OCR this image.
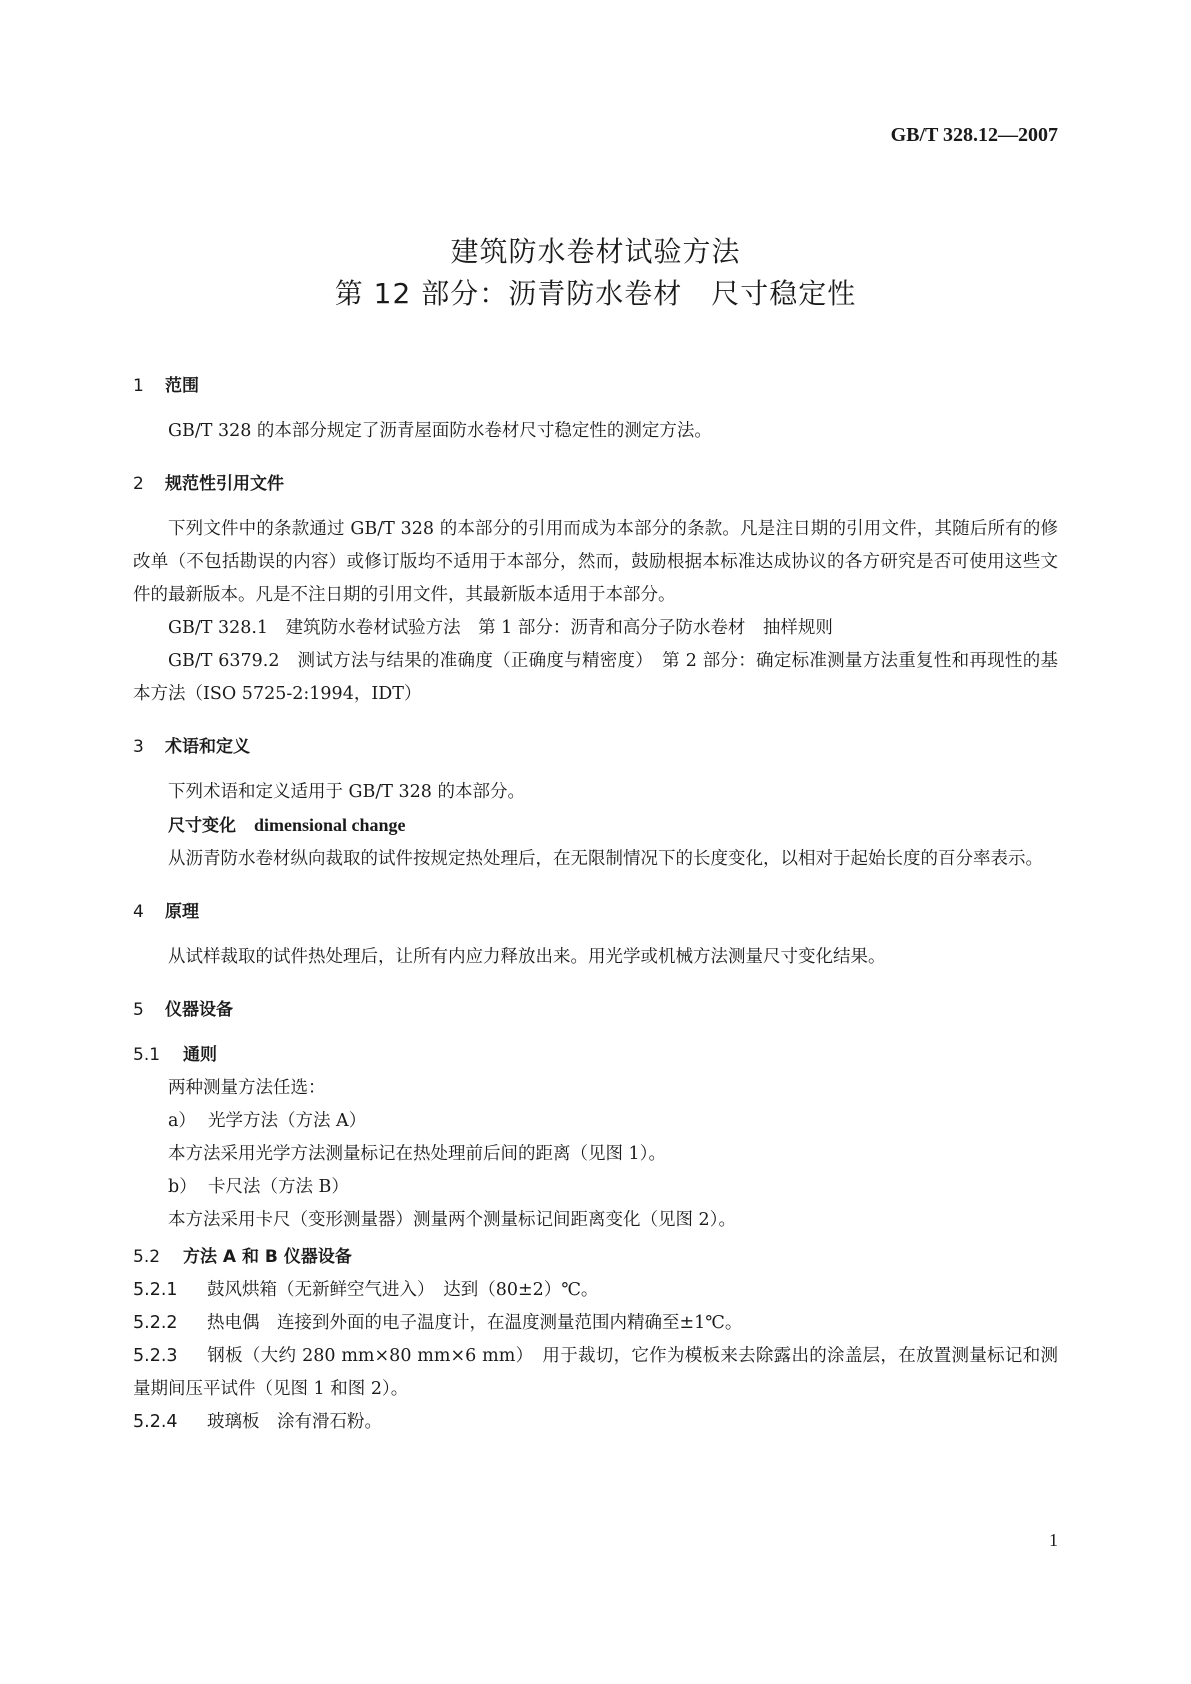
GB/T 328.12—2007
建筑防水卷材试验方法
第 12 部分：沥青防水卷材　尺寸稳定性
1 范围

GB/T 328 的本部分规定了沥青屋面防水卷材尺寸稳定性的测定方法。

2 规范性引用文件

下列文件中的条款通过 GB/T 328 的本部分的引用而成为本部分的条款。凡是注日期的引用文件，其随后所有的修改单（不包括勘误的内容）或修订版均不适用于本部分，然而，鼓励根据本标准达成协议的各方研究是否可使用这些文件的最新版本。凡是不注日期的引用文件，其最新版本适用于本部分。

GB/T 328.1　建筑防水卷材试验方法　第 1 部分：沥青和高分子防水卷材　抽样规则

GB/T 6379.2　测试方法与结果的准确度（正确度与精密度）　第 2 部分：确定标准测量方法重复性和再现性的基本方法（ISO 5725-2:1994，IDT）

3 术语和定义

下列术语和定义适用于 GB/T 328 的本部分。

尺寸变化 dimensional change

从沥青防水卷材纵向裁取的试件按规定热处理后，在无限制情况下的长度变化，以相对于起始长度的百分率表示。

4 原理

从试样裁取的试件热处理后，让所有内应力释放出来。用光学或机械方法测量尺寸变化结果。

5 仪器设备
5.1 通则

两种测量方法任选：

a） 光学方法（方法 A）

本方法采用光学方法测量标记在热处理前后间的距离（见图 1）。

b） 卡尺法（方法 B）

本方法采用卡尺（变形测量器）测量两个测量标记间距离变化（见图 2）。

5.2 方法 A 和 B 仪器设备

5.2.1 鼓风烘箱（无新鲜空气进入）　达到（80±2）℃。

5.2.2 热电偶　连接到外面的电子温度计，在温度测量范围内精确至±1℃。

5.2.3 钢板（大约 280 mm×80 mm×6 mm）　用于裁切，它作为模板来去除露出的涂盖层，在放置测量标记和测量期间压平试件（见图 1 和图 2）。

5.2.4 玻璃板　涂有滑石粉。

1
